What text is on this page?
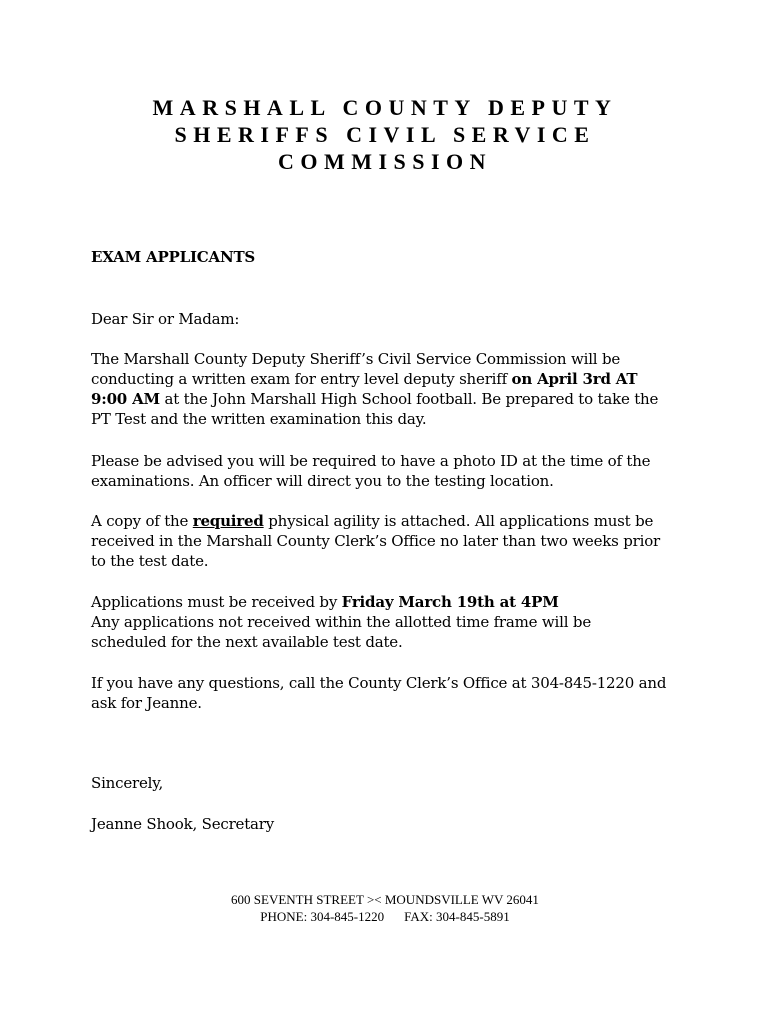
MARSHALL COUNTY DEPUTY
SHERIFFS CIVIL SERVICE
COMMISSION
EXAM APPLICANTS
Dear Sir or Madam:
The Marshall County Deputy Sheriff’s Civil Service Commission will be
conducting a written exam for entry level deputy sheriff on April 3rd AT
9:00 AM at the John Marshall High School football. Be prepared to take the
PT Test and the written examination this day.
Please be advised you will be required to have a photo ID at the time of the
examinations. An officer will direct you to the testing location.
A copy of the required physical agility is attached. All applications must be
received in the Marshall County Clerk’s Office no later than two weeks prior
to the test date.
Applications must be received by Friday March 19th at 4PM
Any applications not received within the allotted time frame will be
scheduled for the next available test date.
If you have any questions, call the County Clerk’s Office at 304-845-1220 and
ask for Jeanne.
Sincerely,
Jeanne Shook, Secretary
600 SEVENTH STREET >< MOUNDSVILLE WV 26041
PHONE: 304-845-1220 FAX: 304-845-5891
